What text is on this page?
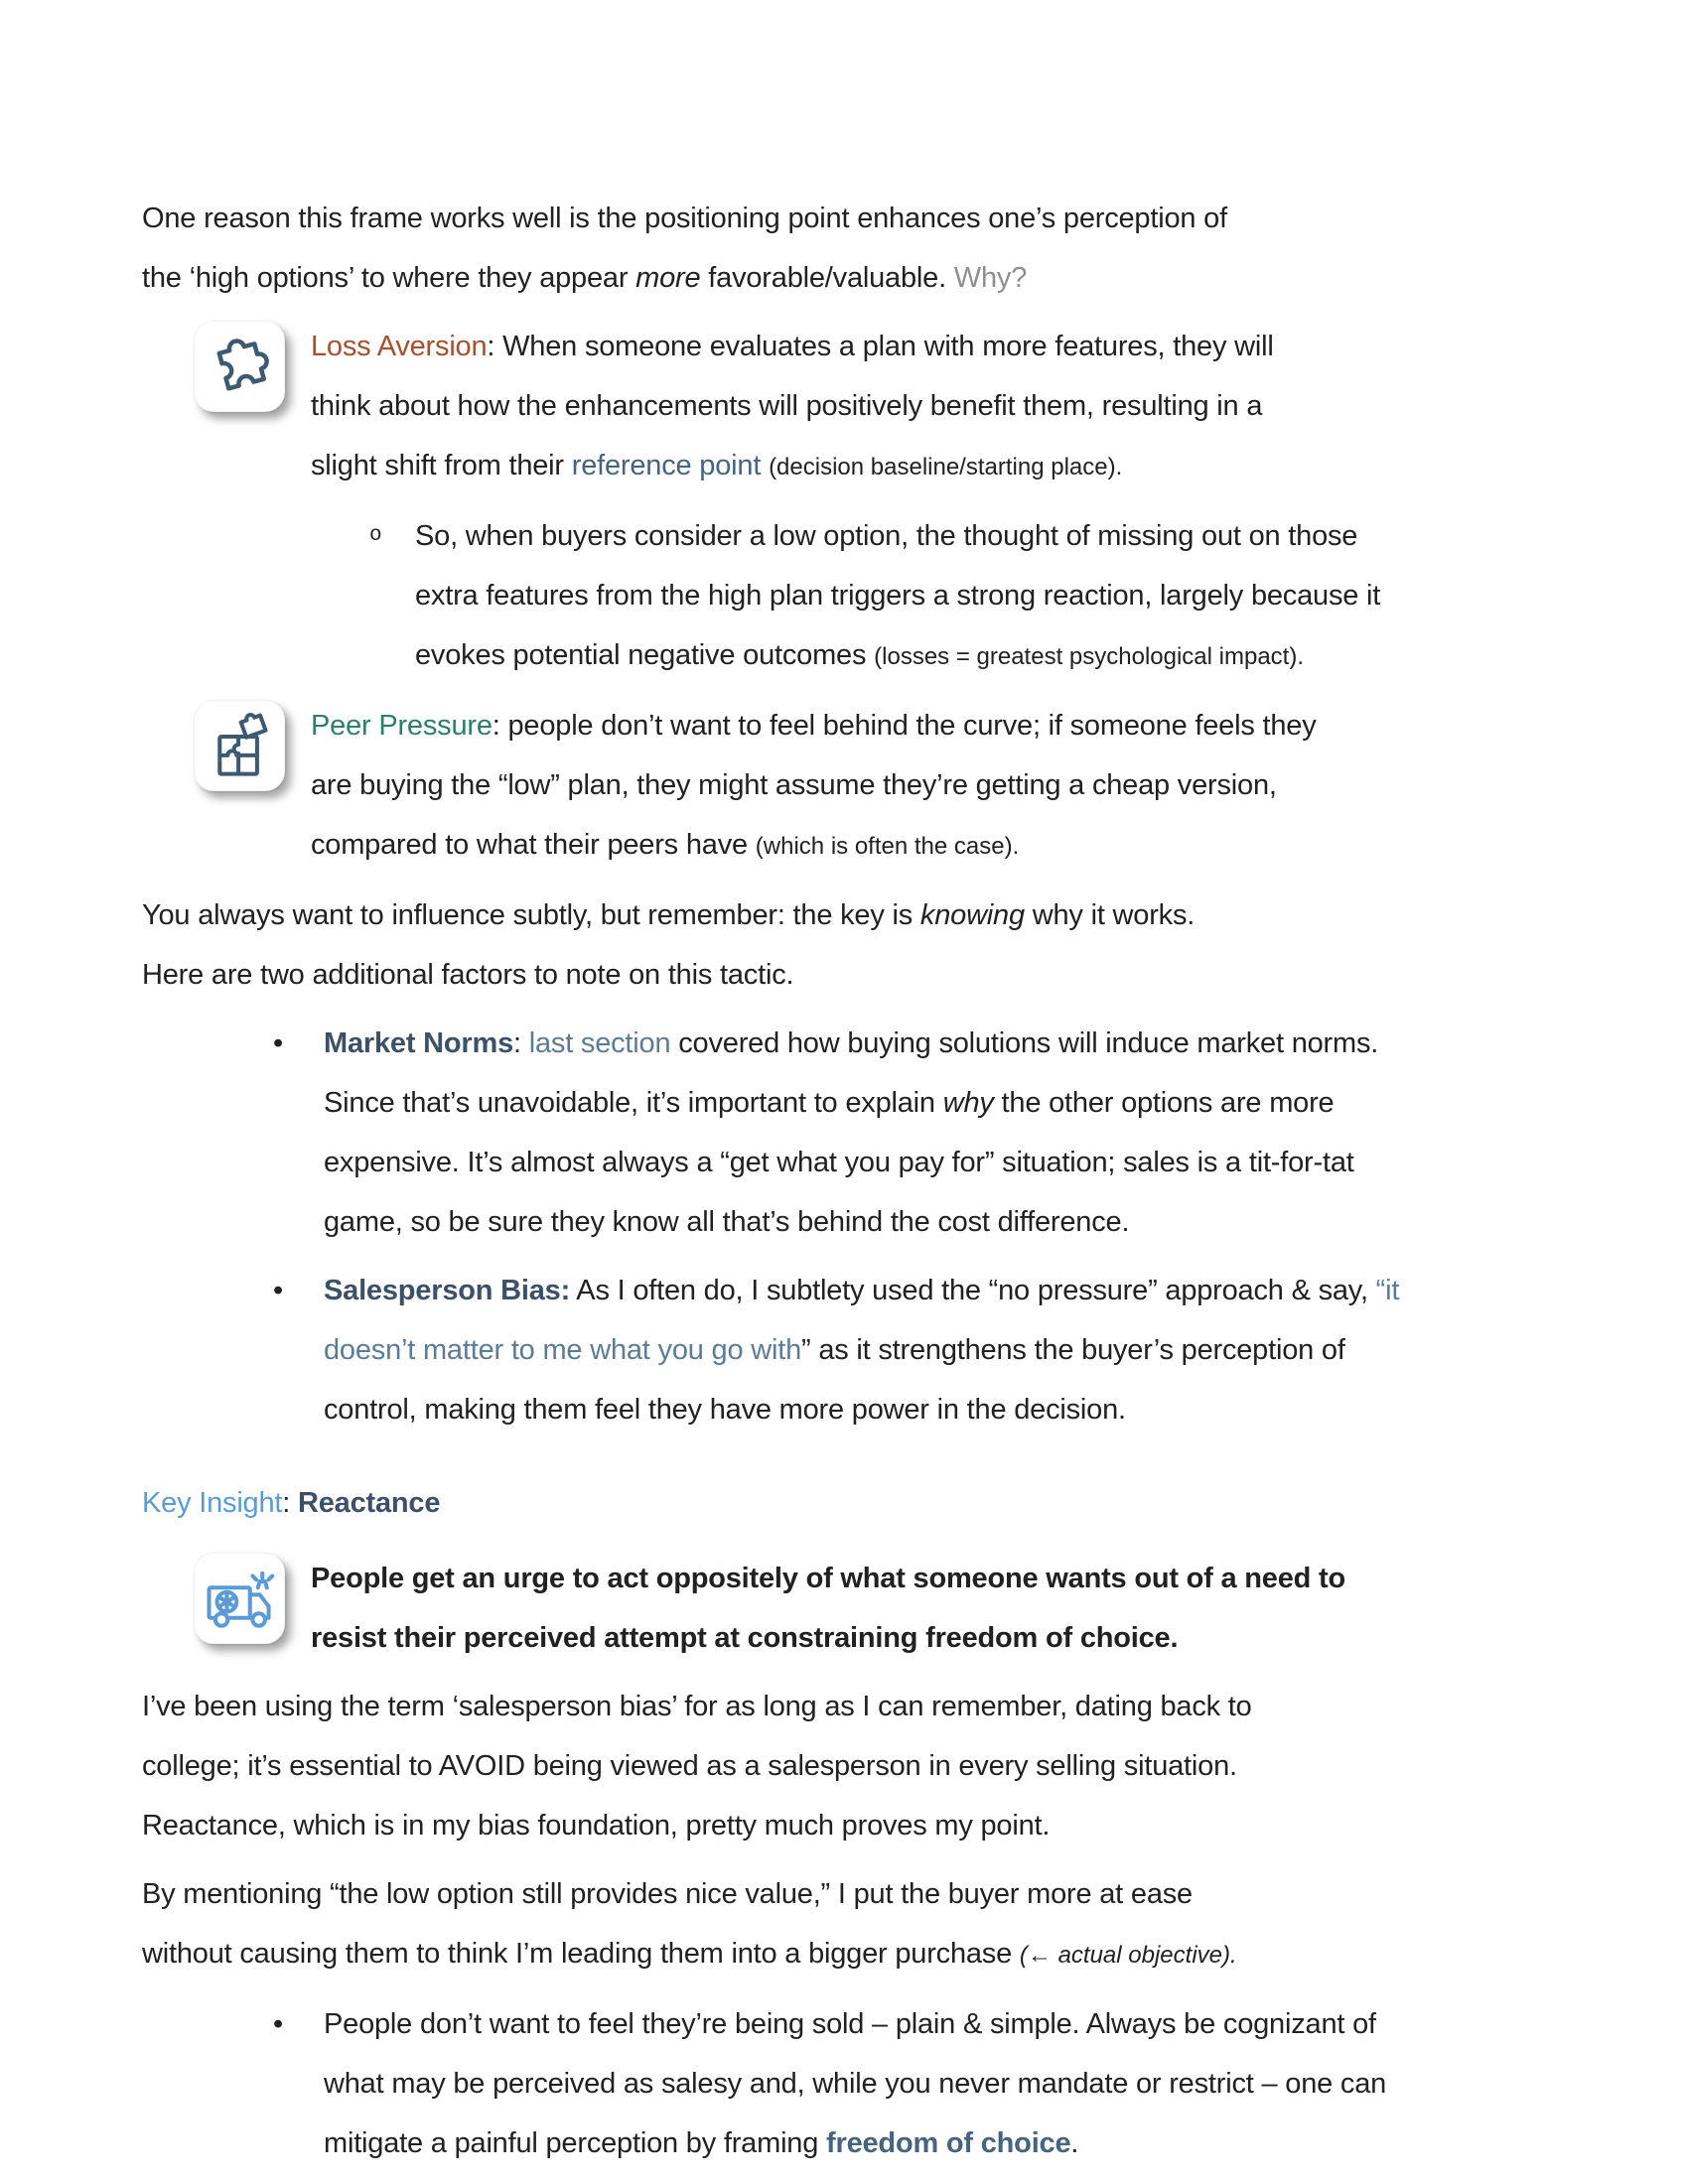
One reason this frame works well is the positioning point enhances one’s perception of
the ‘high options’ to where they appear more favorable/valuable. Why?
Loss Aversion: When someone evaluates a plan with more features, they will
think about how the enhancements will positively benefit them, resulting in a
slight shift from their reference point (decision baseline/starting place).
o So, when buyers consider a low option, the thought of missing out on those
extra features from the high plan triggers a strong reaction, largely because it
evokes potential negative outcomes (losses = greatest psychological impact).
Peer Pressure: people don’t want to feel behind the curve; if someone feels they
are buying the “low” plan, they might assume they’re getting a cheap version,
compared to what their peers have (which is often the case).
You always want to influence subtly, but remember: the key is knowing why it works.
Here are two additional factors to note on this tactic.
• Market Norms: last section covered how buying solutions will induce market norms.
Since that’s unavoidable, it’s important to explain why the other options are more
expensive. It’s almost always a “get what you pay for” situation; sales is a tit-for-tat
game, so be sure they know all that’s behind the cost difference.
• Salesperson Bias: As I often do, I subtlety used the “no pressure” approach & say, “it
doesn’t matter to me what you go with” as it strengthens the buyer’s perception of
control, making them feel they have more power in the decision.
Key Insight: Reactance
People get an urge to act oppositely of what someone wants out of a need to
resist their perceived attempt at constraining freedom of choice.
I’ve been using the term ‘salesperson bias’ for as long as I can remember, dating back to
college; it’s essential to AVOID being viewed as a salesperson in every selling situation.
Reactance, which is in my bias foundation, pretty much proves my point.
By mentioning “the low option still provides nice value,” I put the buyer more at ease
without causing them to think I’m leading them into a bigger purchase (← actual objective).
• People don’t want to feel they’re being sold – plain & simple. Always be cognizant of
what may be perceived as salesy and, while you never mandate or restrict – one can
mitigate a painful perception by framing freedom of choice.
